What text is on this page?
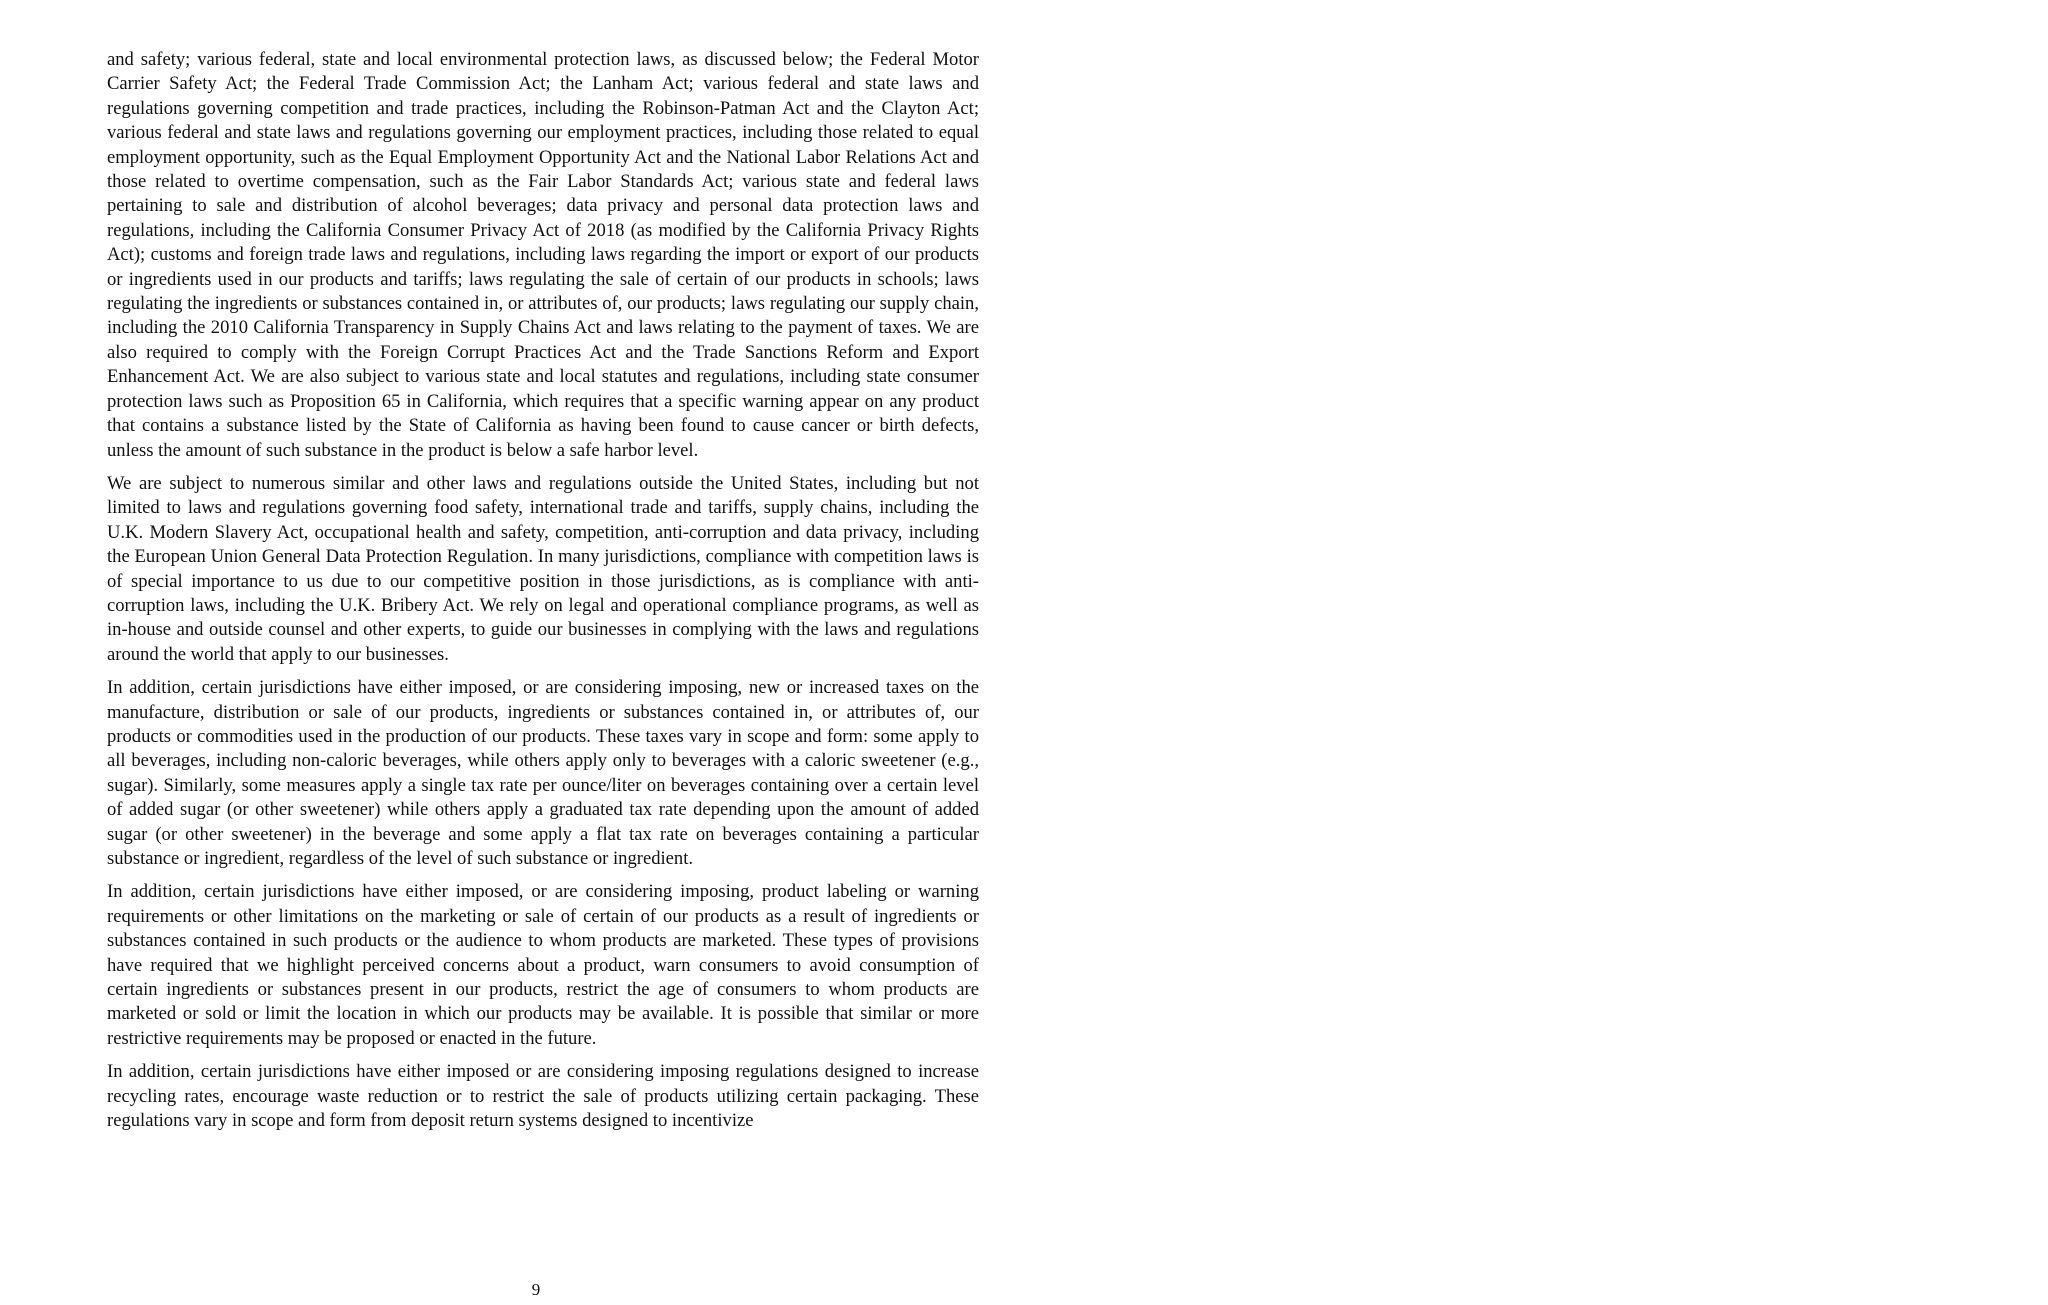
and safety; various federal, state and local environmental protection laws, as discussed below; the Federal Motor Carrier Safety Act; the Federal Trade Commission Act; the Lanham Act; various federal and state laws and regulations governing competition and trade practices, including the Robinson-Patman Act and the Clayton Act; various federal and state laws and regulations governing our employment practices, including those related to equal employment opportunity, such as the Equal Employment Opportunity Act and the National Labor Relations Act and those related to overtime compensation, such as the Fair Labor Standards Act; various state and federal laws pertaining to sale and distribution of alcohol beverages; data privacy and personal data protection laws and regulations, including the California Consumer Privacy Act of 2018 (as modified by the California Privacy Rights Act); customs and foreign trade laws and regulations, including laws regarding the import or export of our products or ingredients used in our products and tariffs; laws regulating the sale of certain of our products in schools; laws regulating the ingredients or substances contained in, or attributes of, our products; laws regulating our supply chain, including the 2010 California Transparency in Supply Chains Act and laws relating to the payment of taxes. We are also required to comply with the Foreign Corrupt Practices Act and the Trade Sanctions Reform and Export Enhancement Act. We are also subject to various state and local statutes and regulations, including state consumer protection laws such as Proposition 65 in California, which requires that a specific warning appear on any product that contains a substance listed by the State of California as having been found to cause cancer or birth defects, unless the amount of such substance in the product is below a safe harbor level.

We are subject to numerous similar and other laws and regulations outside the United States, including but not limited to laws and regulations governing food safety, international trade and tariffs, supply chains, including the U.K. Modern Slavery Act, occupational health and safety, competition, anti-corruption and data privacy, including the European Union General Data Protection Regulation. In many jurisdictions, compliance with competition laws is of special importance to us due to our competitive position in those jurisdictions, as is compliance with anti-corruption laws, including the U.K. Bribery Act. We rely on legal and operational compliance programs, as well as in-house and outside counsel and other experts, to guide our businesses in complying with the laws and regulations around the world that apply to our businesses.

In addition, certain jurisdictions have either imposed, or are considering imposing, new or increased taxes on the manufacture, distribution or sale of our products, ingredients or substances contained in, or attributes of, our products or commodities used in the production of our products. These taxes vary in scope and form: some apply to all beverages, including non-caloric beverages, while others apply only to beverages with a caloric sweetener (e.g., sugar). Similarly, some measures apply a single tax rate per ounce/liter on beverages containing over a certain level of added sugar (or other sweetener) while others apply a graduated tax rate depending upon the amount of added sugar (or other sweetener) in the beverage and some apply a flat tax rate on beverages containing a particular substance or ingredient, regardless of the level of such substance or ingredient.

In addition, certain jurisdictions have either imposed, or are considering imposing, product labeling or warning requirements or other limitations on the marketing or sale of certain of our products as a result of ingredients or substances contained in such products or the audience to whom products are marketed. These types of provisions have required that we highlight perceived concerns about a product, warn consumers to avoid consumption of certain ingredients or substances present in our products, restrict the age of consumers to whom products are marketed or sold or limit the location in which our products may be available. It is possible that similar or more restrictive requirements may be proposed or enacted in the future.

In addition, certain jurisdictions have either imposed or are considering imposing regulations designed to increase recycling rates, encourage waste reduction or to restrict the sale of products utilizing certain packaging. These regulations vary in scope and form from deposit return systems designed to incentivize

9
